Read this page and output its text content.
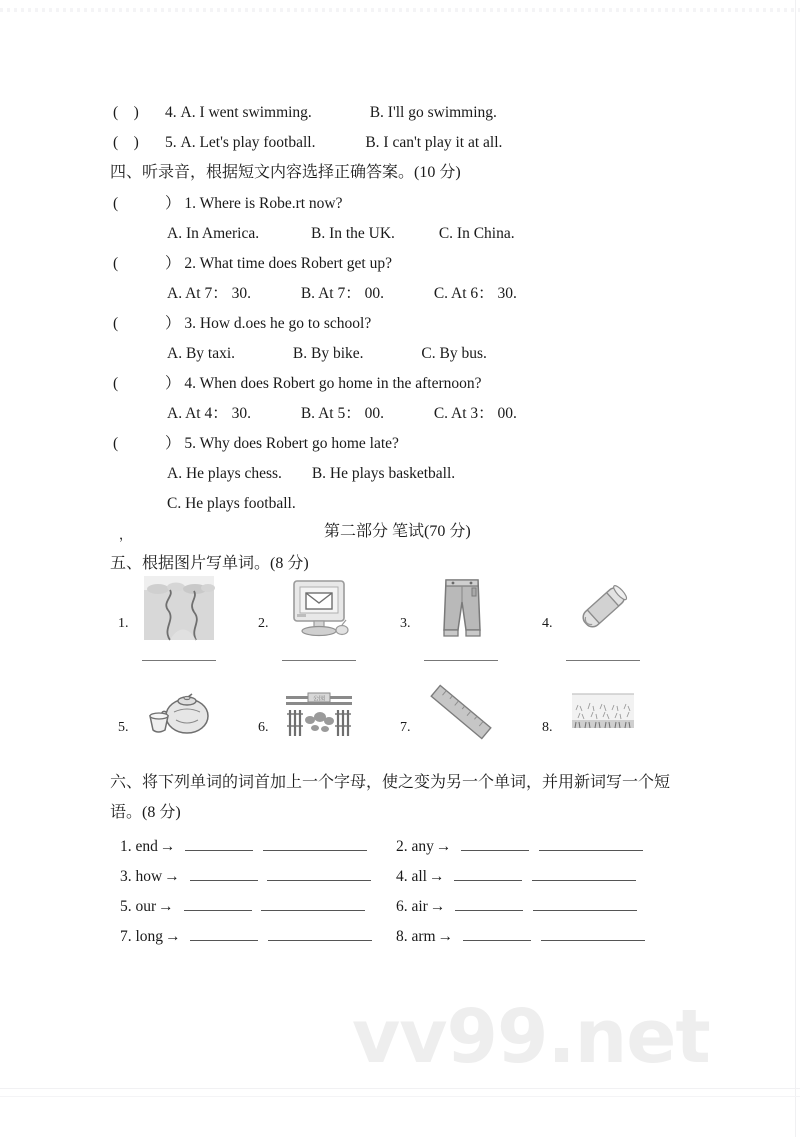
(    ) 4. A. I went swimming.	B. I'll go swimming.
(    ) 5. A. Let's play football.	B. I can't play it at all.
四、听录音，根据短文内容选择正确答案。(10 分)
(    ） 1. Where is Robe.rt now?
A. In America.	B. In the UK.	C. In China.
(    ） 2. What time does Robert get up?
A. At 7： 30.	B. At 7： 00.	C. At 6： 30.
(    ） 3. How d.oes he go to school?
A. By taxi.	B. By bike.	C. By bus.
(    ） 4. When does Robert go home in the afternoon?
A. At 4： 30.	B. At 5： 00.	C. At 3： 00.
(    ） 5. Why does Robert go home late?
A. He plays chess. B. He plays basketball.
C. He plays football.
，	第二部分 笔试(70 分)
五、根据图片写单词。(8 分)
1.	2.	3.	4.
5.	6.
公园
7.	8.
六、将下列单词的词首加上一个字母，使之变为另一个单词，并用新词写一个短
语。(8 分)
1. end →
3. how →
5. our →
7. long →
2. any →
4. all →
6. air →
8. arm →
vv99.net
